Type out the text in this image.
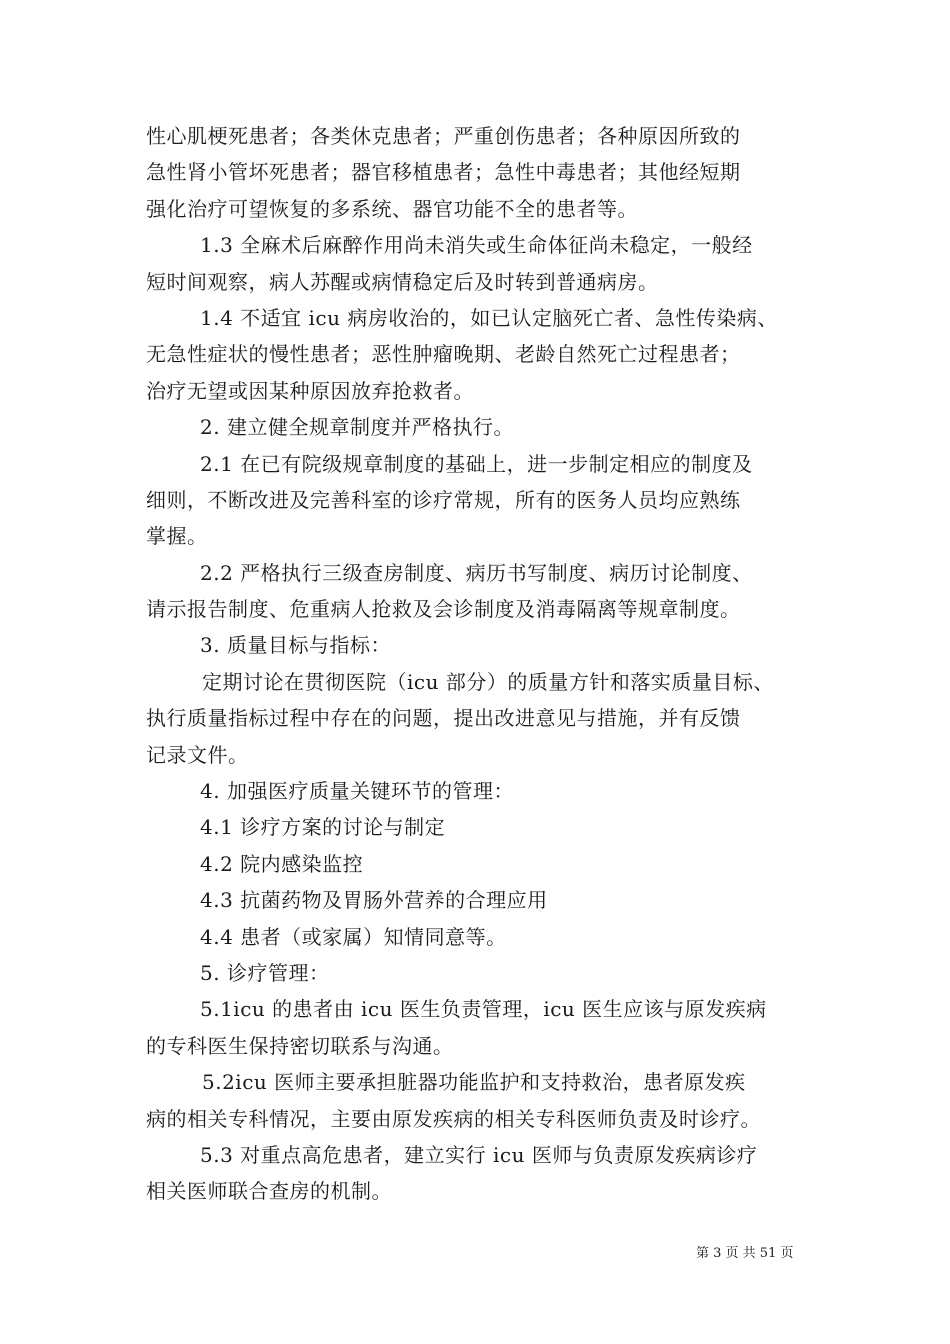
性心肌梗死患者；各类休克患者；严重创伤患者；各种原因所致的
急性肾小管坏死患者；器官移植患者；急性中毒患者；其他经短期
强化治疗可望恢复的多系统、器官功能不全的患者等。
1.3 全麻术后麻醉作用尚未消失或生命体征尚未稳定，一般经
短时间观察，病人苏醒或病情稳定后及时转到普通病房。
1.4 不适宜 icu 病房收治的，如已认定脑死亡者、急性传染病、
无急性症状的慢性患者；恶性肿瘤晚期、老龄自然死亡过程患者；
治疗无望或因某种原因放弃抢救者。
2. 建立健全规章制度并严格执行。
2.1 在已有院级规章制度的基础上，进一步制定相应的制度及
细则，不断改进及完善科室的诊疗常规，所有的医务人员均应熟练
掌握。
2.2 严格执行三级查房制度、病历书写制度、病历讨论制度、
请示报告制度、危重病人抢救及会诊制度及消毒隔离等规章制度。
3. 质量目标与指标：
定期讨论在贯彻医院（icu 部分）的质量方针和落实质量目标、
执行质量指标过程中存在的问题，提出改进意见与措施，并有反馈
记录文件。
4. 加强医疗质量关键环节的管理：
4.1 诊疗方案的讨论与制定
4.2 院内感染监控
4.3 抗菌药物及胃肠外营养的合理应用
4.4 患者（或家属）知情同意等。
5. 诊疗管理：
5.1icu 的患者由 icu 医生负责管理，icu 医生应该与原发疾病
的专科医生保持密切联系与沟通。
5.2icu 医师主要承担脏器功能监护和支持救治，患者原发疾
病的相关专科情况，主要由原发疾病的相关专科医师负责及时诊疗。
5.3 对重点高危患者，建立实行 icu 医师与负责原发疾病诊疗
相关医师联合查房的机制。
第 3 页 共 51 页
